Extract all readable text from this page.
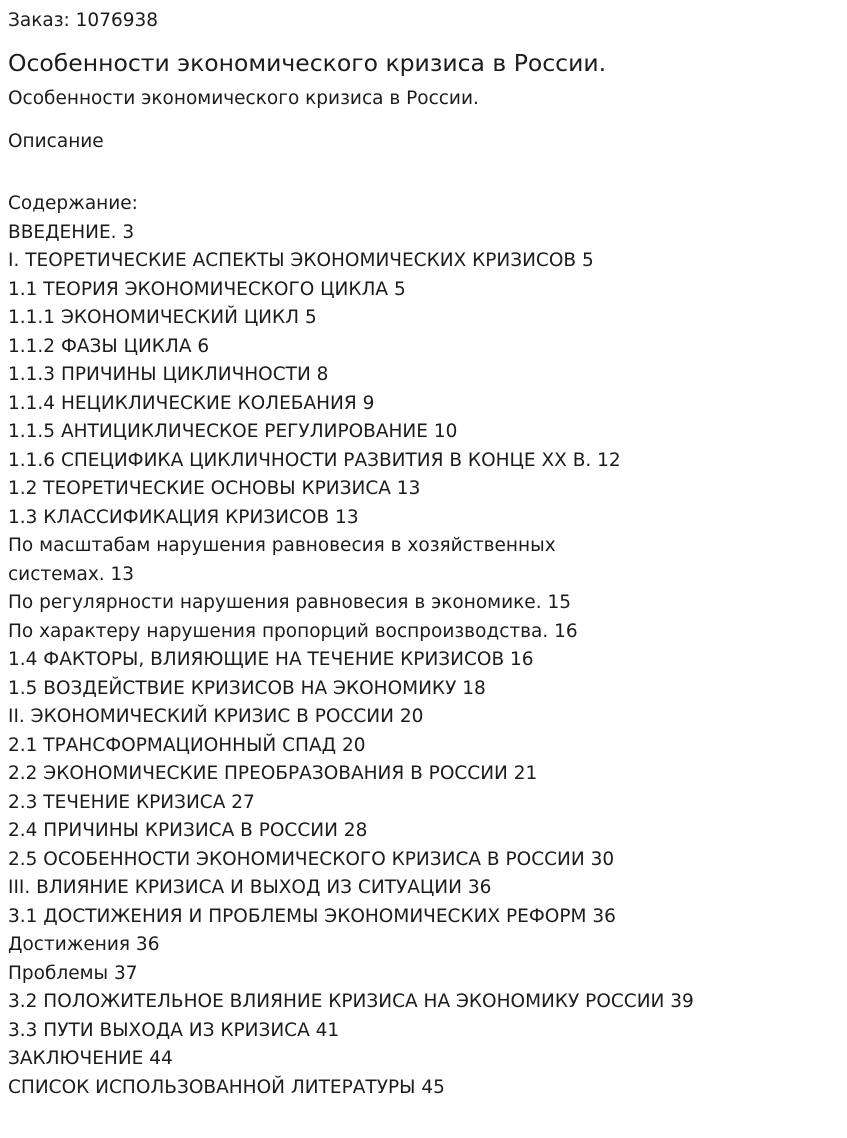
Заказ: 1076938

Особенности экономического кризиса в России.

Особенности экономического кризиса в России.

Описание
Содержание:
ВВЕДЕНИЕ. 3
I. ТЕОРЕТИЧЕСКИЕ АСПЕКТЫ ЭКОНОМИЧЕСКИХ КРИЗИСОВ 5
1.1 ТЕОРИЯ ЭКОНОМИЧЕСКОГО ЦИКЛА 5
1.1.1 ЭКОНОМИЧЕСКИЙ ЦИКЛ 5
1.1.2 ФАЗЫ ЦИКЛА 6
1.1.3 ПРИЧИНЫ ЦИКЛИЧНОСТИ 8
1.1.4 НЕЦИКЛИЧЕСКИЕ КОЛЕБАНИЯ 9
1.1.5 АНТИЦИКЛИЧЕСКОЕ РЕГУЛИРОВАНИЕ 10
1.1.6 СПЕЦИФИКА ЦИКЛИЧНОСТИ РАЗВИТИЯ В КОНЦЕ XX В. 12
1.2 ТЕОРЕТИЧЕСКИЕ ОСНОВЫ КРИЗИСА 13
1.3 КЛАССИФИКАЦИЯ КРИЗИСОВ 13
По масштабам нарушения равновесия в хозяйственных системах. 13
По регулярности нарушения равновесия в экономике. 15
По характеру нарушения пропорций воспроизводства. 16
1.4 ФАКТОРЫ, ВЛИЯЮЩИЕ НА ТЕЧЕНИЕ КРИЗИСОВ 16
1.5 ВОЗДЕЙСТВИЕ КРИЗИСОВ НА ЭКОНОМИКУ 18
II. ЭКОНОМИЧЕСКИЙ КРИЗИС В РОССИИ 20
2.1 ТРАНСФОРМАЦИОННЫЙ СПАД 20
2.2 ЭКОНОМИЧЕСКИЕ ПРЕОБРАЗОВАНИЯ В РОССИИ 21
2.3 ТЕЧЕНИЕ КРИЗИСА 27
2.4 ПРИЧИНЫ КРИЗИСА В РОССИИ 28
2.5 ОСОБЕННОСТИ ЭКОНОМИЧЕСКОГО КРИЗИСА В РОССИИ 30
III. ВЛИЯНИЕ КРИЗИСА И ВЫХОД ИЗ СИТУАЦИИ 36
3.1 ДОСТИЖЕНИЯ И ПРОБЛЕМЫ ЭКОНОМИЧЕСКИХ РЕФОРМ 36
Достижения 36
Проблемы 37
3.2 ПОЛОЖИТЕЛЬНОЕ ВЛИЯНИЕ КРИЗИСА НА ЭКОНОМИКУ РОССИИ 39
3.3 ПУТИ ВЫХОДА ИЗ КРИЗИСА 41
ЗАКЛЮЧЕНИЕ 44
СПИСОК ИСПОЛЬЗОВАННОЙ ЛИТЕРАТУРЫ 45
